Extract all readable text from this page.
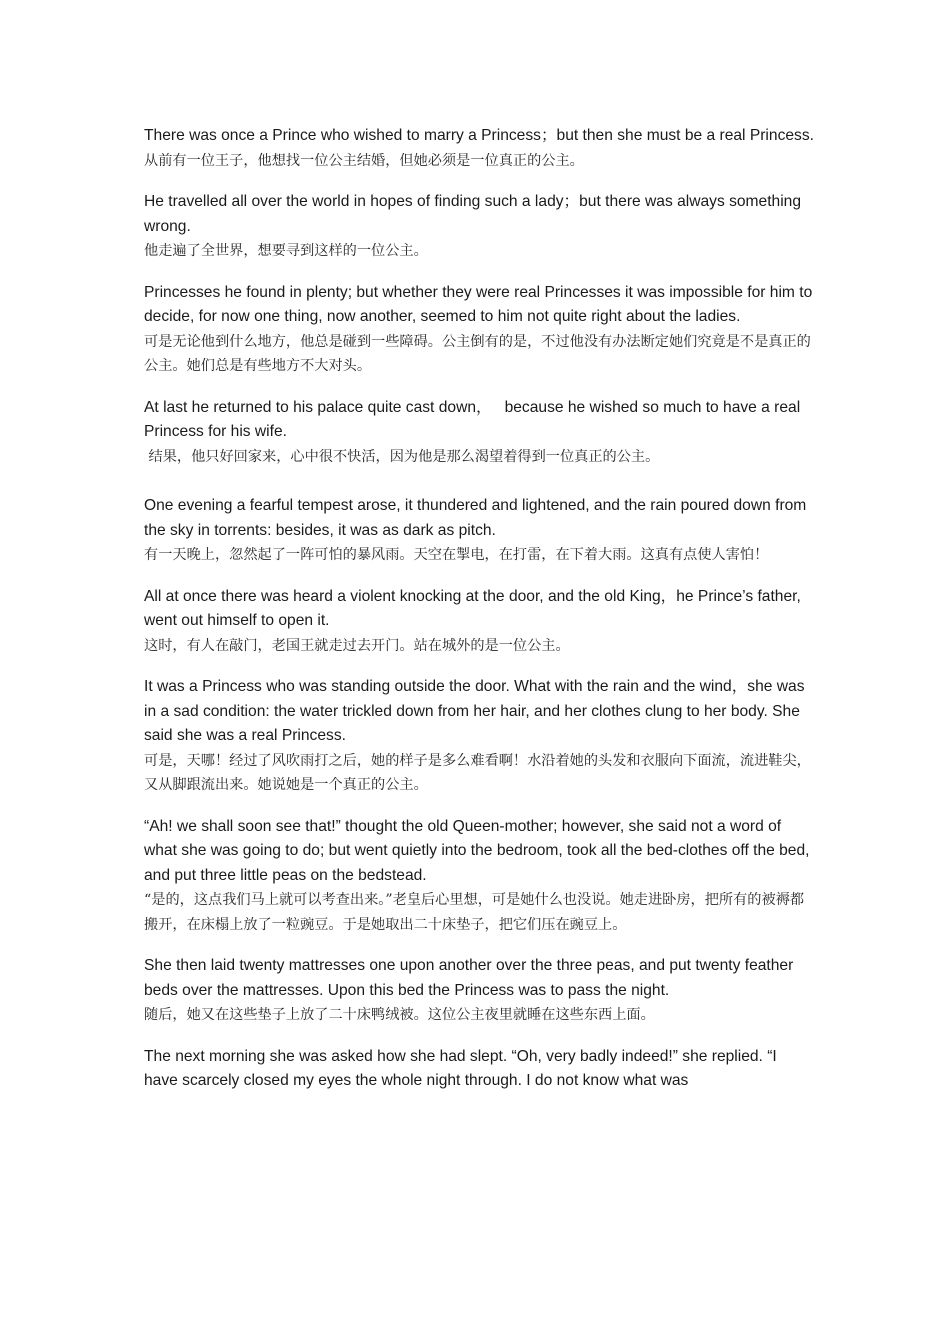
There was once a Prince who wished to marry a Princess；but then she must be a real Princess.
从前有一位王子，他想找一位公主结婚，但她必须是一位真正的公主。
He travelled all over the world in hopes of finding such a lady；but there was always something wrong.
他走遍了全世界，想要寻到这样的一位公主。
Princesses he found in plenty; but whether they were real Princesses it was impossible for him to decide, for now one thing, now another, seemed to him not quite right about the ladies.
可是无论他到什么地方，他总是碰到一些障碍。公主倒有的是，不过他没有办法断定她们究竟是不是真正的公主。她们总是有些地方不大对头。
At last he returned to his palace quite cast down，   because he wished so much to have a real Princess for his wife.
结果，他只好回家来，心中很不快活，因为他是那么渴望着得到一位真正的公主。
One evening a fearful tempest arose, it thundered and lightened, and the rain poured down from the sky in torrents: besides, it was as dark as pitch.
有一天晚上，忽然起了一阵可怕的暴风雨。天空在掣电，在打雷，在下着大雨。这真有点使人害怕！
All at once there was heard a violent knocking at the door, and the old King，he Prince’s father, went out himself to open it.
这时，有人在敲门，老国王就走过去开门。站在城外的是一位公主。
It was a Princess who was standing outside the door. What with the rain and the wind，she was in a sad condition: the water trickled down from her hair, and her clothes clung to her body. She said she was a real Princess.
可是，天哪！经过了风吹雨打之后，她的样子是多么难看啊！水沿着她的头发和衣服向下面流，流进鞋尖，又从脚跟流出来。她说她是一个真正的公主。
“Ah! we shall soon see that!” thought the old Queen-mother; however, she said not a word of what she was going to do; but went quietly into the bedroom, took all the bed-clothes off the bed, and put three little peas on the bedstead.
“是的，这点我们马上就可以考查出来。”老皇后心里想，可是她什么也没说。她走进卧房，把所有的被褥都搬开，在床榻上放了一粒豌豆。于是她取出二十床垫子，把它们压在豌豆上。
She then laid twenty mattresses one upon another over the three peas, and put twenty feather beds over the mattresses. Upon this bed the Princess was to pass the night.
随后，她又在这些垫子上放了二十床鸭绒被。这位公主夜里就睡在这些东西上面。
The next morning she was asked how she had slept. “Oh, very badly indeed!” she replied. “I have scarcely closed my eyes the whole night through. I do not know what was
